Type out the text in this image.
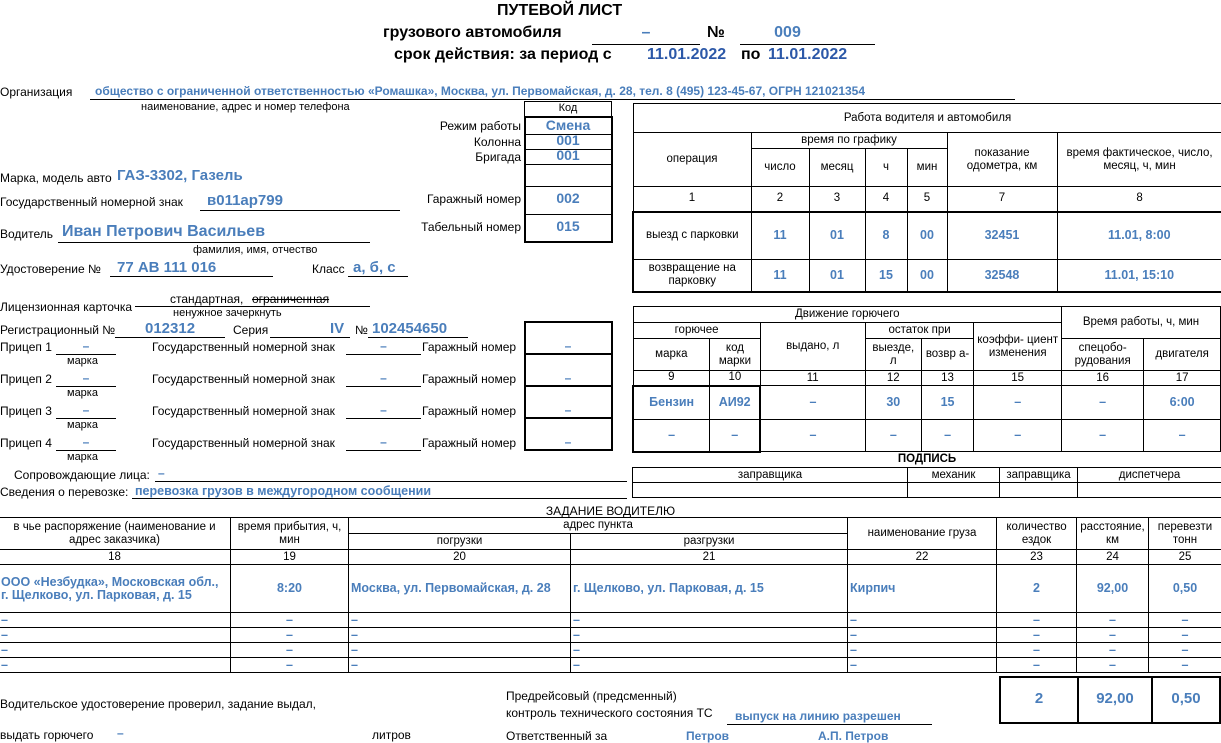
ПУТЕВОЙ ЛИСТ
грузового автомобиля	–	№	009
срок действия: за период с 11.01.2022 по 11.01.2022
Организация общество с ограниченной ответственностью «Ромашка», Москва, ул. Первомайская, д. 28, тел. 8 (495) 123-45-67, ОГРН 121021354
наименование, адрес и номер телефона	Код
Режим работы	Смена
Колонна	001
Бригада	001
Гаражный номер	002
Табельный номер	015
Марка, модель авто ГАЗ-3302, Газель
Государственный номерной знак в011ар799
Водитель Иван Петрович Васильев
фамилия, имя, отчество
Удостоверение № 77 АВ 111 016	Класс а, б, с
Лицензионная карточка
стандартная, ограниченная
ненужное зачеркнуть
Регистрационный № 012312	Серия	IV № 102454650
Прицеп 1	–
марка
Государственный номерной знак	–	Гаражный номер	–
Прицеп 2	–
марка
Государственный номерной знак	–	Гаражный номер	–
Прицеп 3	–
марка
Государственный номерной знак	–	Гаражный номер	–
Прицеп 4	–
марка
Государственный номерной знак	–	Гаражный номер	–
Сопровождающие лица: –
Сведения о перевозке: перевозка грузов в междугородном сообщении
Работа водителя и автомобиля						
операция	время по графику				показание одометра, км	время фактическое, число, месяц, ч, мин
	число	месяц	ч	мин		
1	2	3	4	5	7	8
выезд с парковки	11	01	8	00	32451	11.01, 8:00
возвращение на парковку	11	01	15	00	32548	11.01, 15:10
Движение горючего						Время работы, ч, мин	
горючее		выдано, л	остаток при		коэффи- циент изменения		
марка	код марки		выезде, л	возвр а-		спецобо- рудования	двигателя
9	10	11	12	13	15	16	17
Бензин	АИ92	–	30	15	–	–	6:00
–	–	–	–	–	–	–	–
ПОДПИСЬ			
заправщика	механик	заправщика	диспетчера

ЗАДАНИЕ ВОДИТЕЛЮ
в чье распоряжение (наименование и адрес заказчика)	время прибытия, ч, мин	адрес пункта		наименование груза	количество ездок	расстояние, км	перевезти тонн
		погрузки	разгрузки				
18	19	20	21	22	23	24	25
ООО «Незбудка», Московская обл., г. Щелково, ул. Парковая, д. 15	8:20	Москва, ул. Первомайская, д. 28	г. Щелково, ул. Парковая, д. 15	Кирпич	2	92,00	0,50
–	–	–	–	–	–	–	–
–	–	–	–	–	–	–	–
–	–	–	–	–	–	–	–
–	–	–	–	–	–	–	–
Водительское удостоверение проверил, задание выдал,
выдать горючего –	литров
Предрейсовый (предсменный)
контроль технического состояния ТС выпуск на линию разрешен
Ответственный за	Петров	А.П. Петров
2	92,00	0,50
